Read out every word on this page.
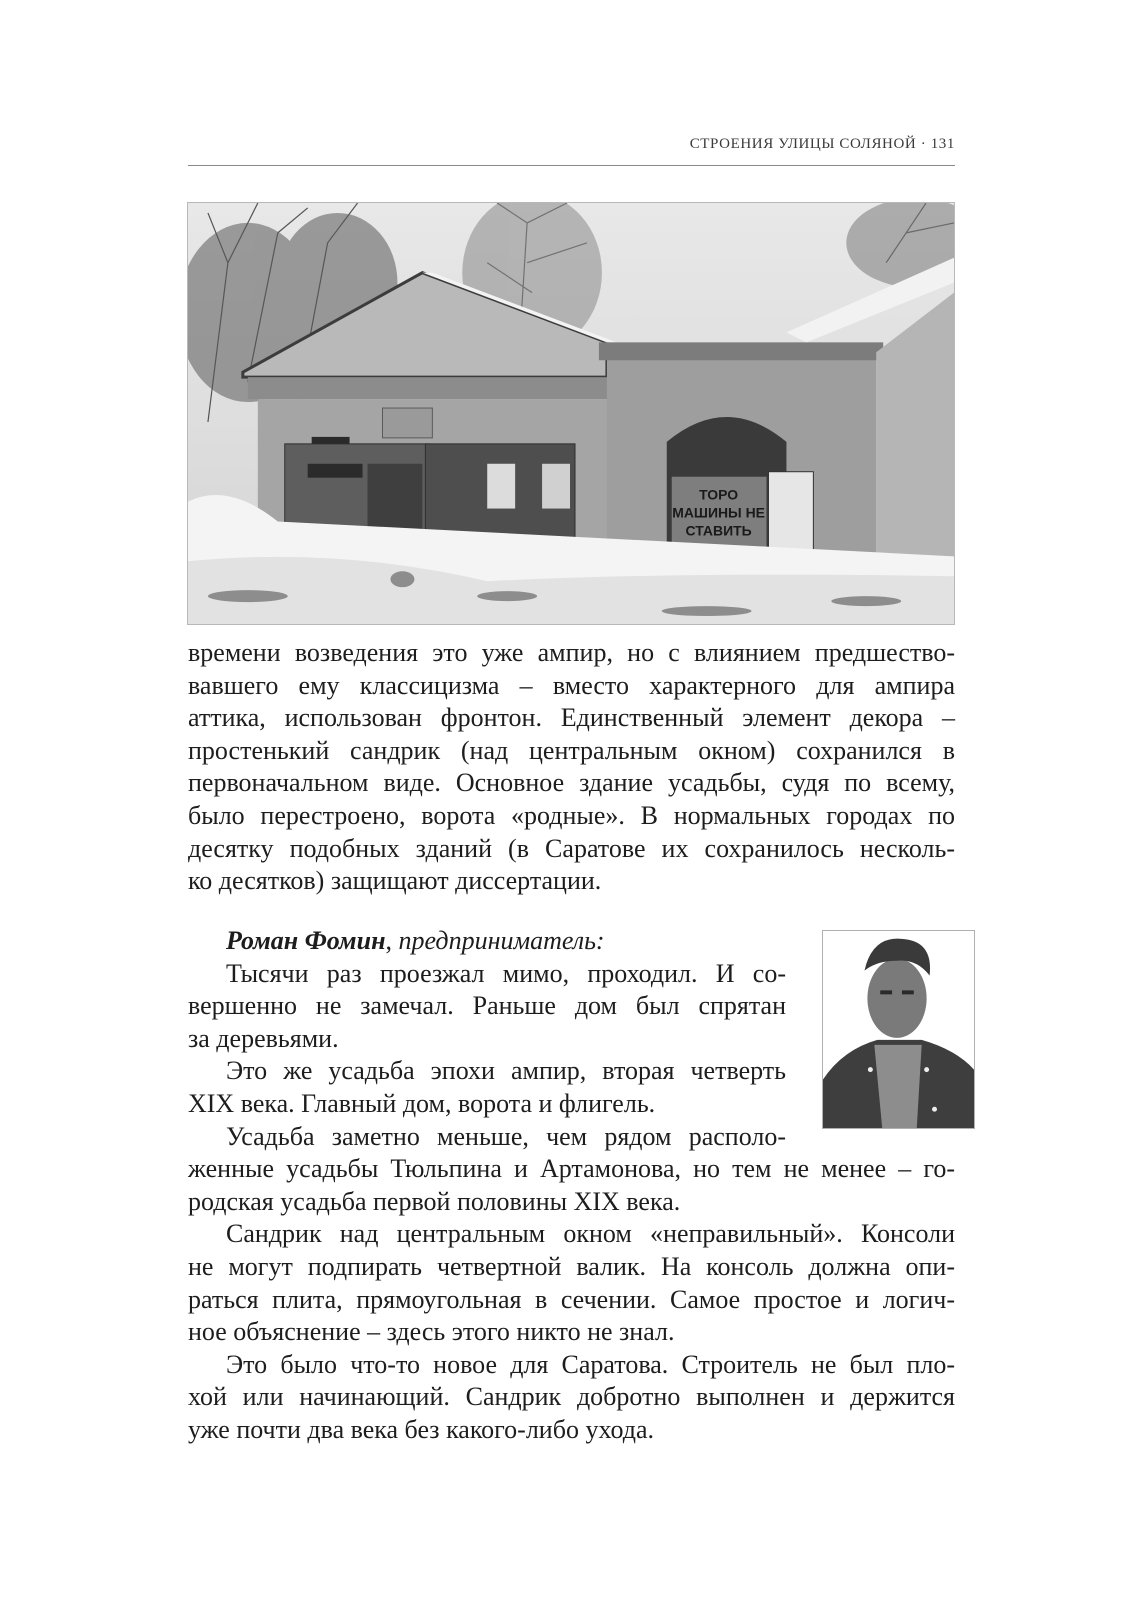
СТРОЕНИЯ УЛИЦЫ СОЛЯНОЙ · 131
ТОРО
МАШИНЫ НЕ
СТАВИТЬ
времени возведения это уже ампир, но с влиянием предшество-
вавшего ему классицизма – вместо характерного для ампира
аттика, использован фронтон. Единственный элемент декора –
простенький сандрик (над центральным окном) сохранился в
первоначальном виде. Основное здание усадьбы, судя по всему,
было перестроено, ворота «родные». В нормальных городах по
десятку подобных зданий (в Саратове их сохранилось несколь-
ко десятков) защищают диссертации.
Роман Фомин, предприниматель:
Тысячи раз проезжал мимо, проходил. И со-
вершенно не замечал. Раньше дом был спрятан
за деревьями.
Это же усадьба эпохи ампир, вторая четверть
XIX века. Главный дом, ворота и флигель.
Усадьба заметно меньше, чем рядом располо-
женные усадьбы Тюльпина и Артамонова, но тем не менее – го-
родская усадьба первой половины XIX века.
Сандрик над центральным окном «неправильный». Консоли
не могут подпирать четвертной валик. На консоль должна опи-
раться плита, прямоугольная в сечении. Самое простое и логич-
ное объяснение – здесь этого никто не знал.
Это было что-то новое для Саратова. Строитель не был пло-
хой или начинающий. Сандрик добротно выполнен и держится
уже почти два века без какого-либо ухода.
